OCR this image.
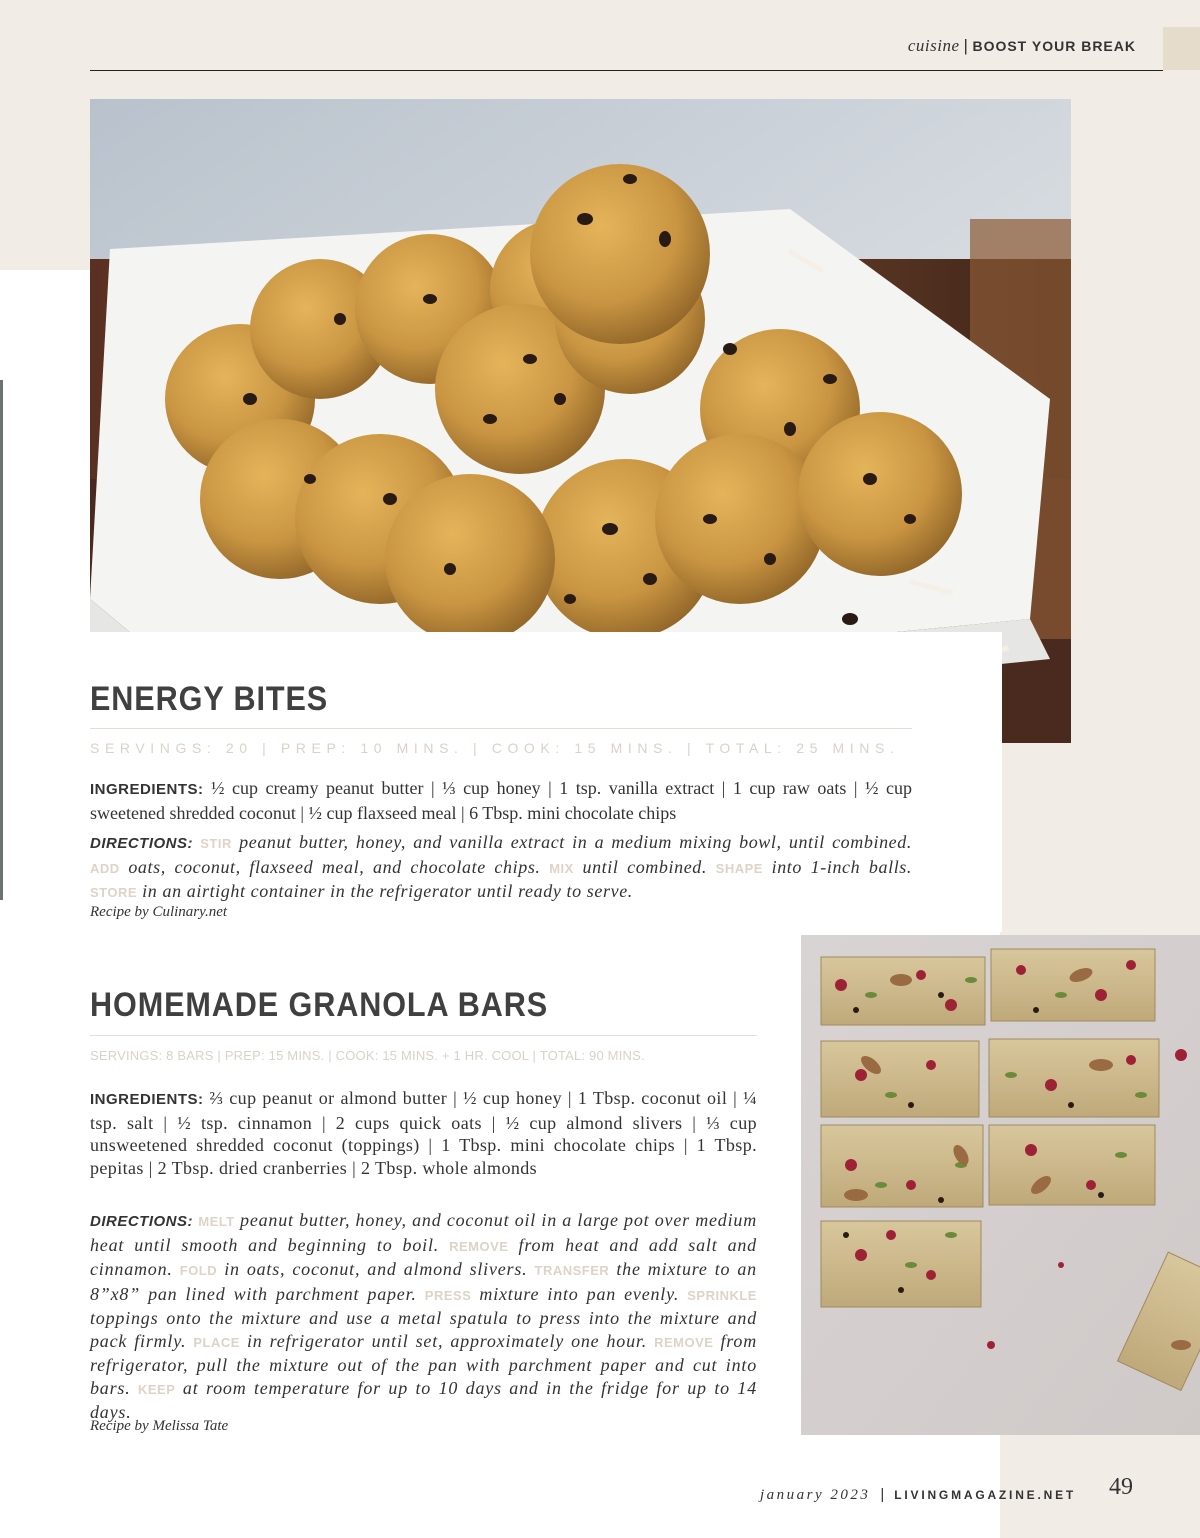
cuisine | BOOST YOUR BREAK
ENERGY BITES
SERVINGS: 20 | PREP: 10 MINS. | COOK: 15 MINS. | TOTAL: 25 MINS.
INGREDIENTS: ½ cup creamy peanut butter | ⅓ cup honey | 1 tsp. vanilla extract | 1 cup raw oats | ½ cup sweetened shredded coconut | ½ cup flaxseed meal | 6 Tbsp. mini chocolate chips
DIRECTIONS: STIR peanut butter, honey, and vanilla extract in a medium mixing bowl, until combined. ADD oats, coconut, flaxseed meal, and chocolate chips. MIX until combined. SHAPE into 1-inch balls. STORE in an airtight container in the refrigerator until ready to serve.
Recipe by Culinary.net
HOMEMADE GRANOLA BARS
SERVINGS: 8 BARS | PREP: 15 MINS. | COOK: 15 MINS. + 1 HR. COOL | TOTAL: 90 MINS.
INGREDIENTS: ⅔ cup peanut or almond butter | ½ cup honey | 1 Tbsp. coconut oil | ¼ tsp. salt | ½ tsp. cinnamon | 2 cups quick oats | ½ cup almond slivers | ⅓ cup unsweetened shredded coconut (toppings) | 1 Tbsp. mini chocolate chips | 1 Tbsp. pepitas | 2 Tbsp. dried cranberries | 2 Tbsp. whole almonds
DIRECTIONS: MELT peanut butter, honey, and coconut oil in a large pot over medium heat until smooth and beginning to boil. REMOVE from heat and add salt and cinnamon. FOLD in oats, coconut, and almond slivers. TRANSFER the mixture to an 8”x8” pan lined with parchment paper. PRESS mixture into pan evenly. SPRINKLE toppings onto the mixture and use a metal spatula to press into the mixture and pack firmly. PLACE in refrigerator until set, approximately one hour. REMOVE from refrigerator, pull the mixture out of the pan with parchment paper and cut into bars. KEEP at room temperature for up to 10 days and in the fridge for up to 14 days.
Recipe by Melissa Tate
january 2023 | LIVINGMAGAZINE.NET 49
